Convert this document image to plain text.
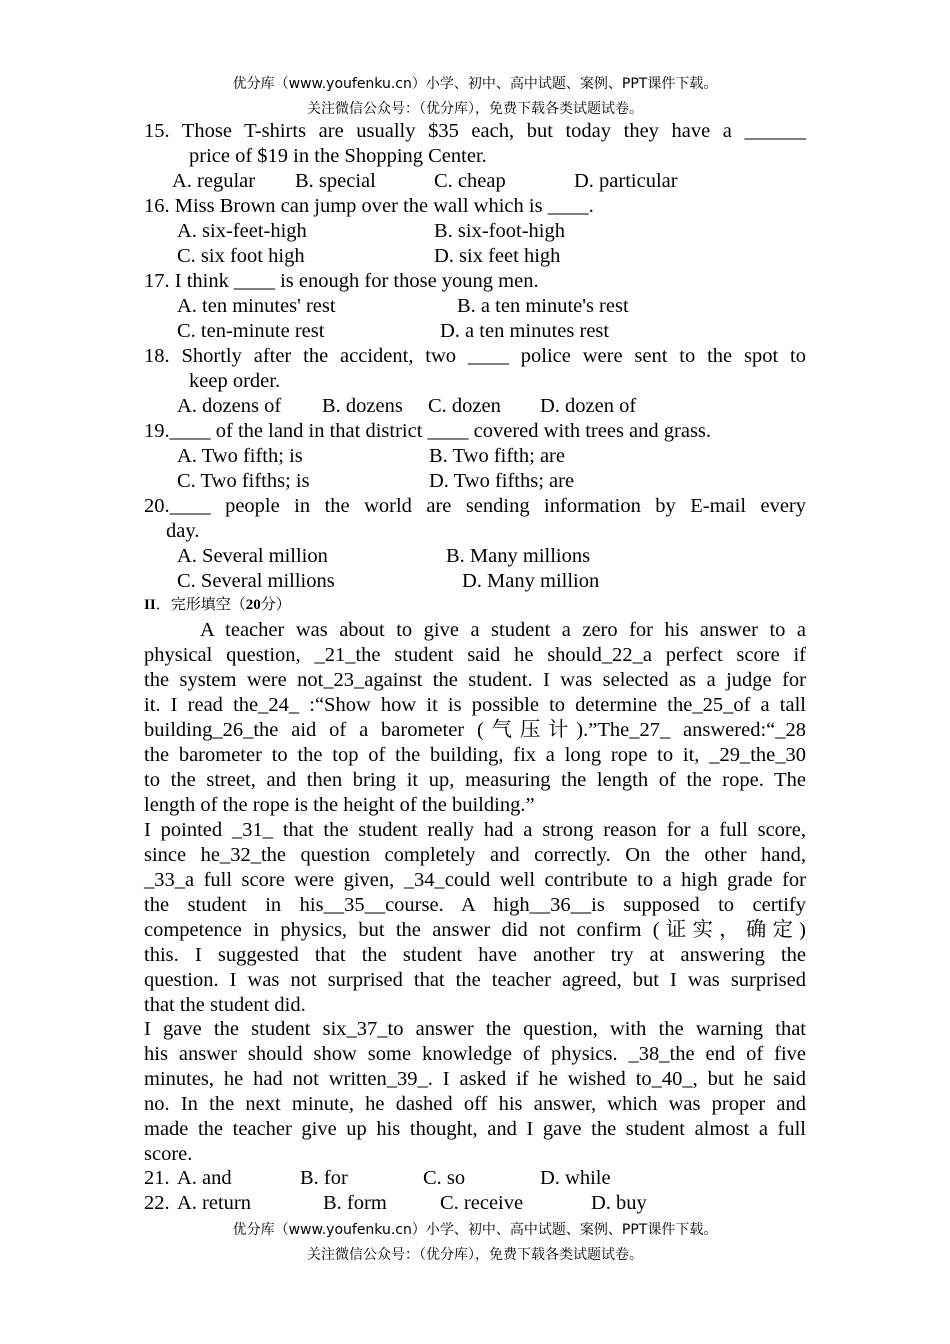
优分库（www.youfenku.cn）小学、初中、高中试题、案例、PPT课件下载。
关注微信公众号：（优分库），免费下载各类试题试卷。
15. Those T-shirts are usually $35 each, but today they have a ______
price of $19 in the Shopping Center.
A. regular B. special	C. cheap	D. particular
16. Miss Brown can jump over the wall which is ____.
A. six-feet-high	B. six-foot-high
C. six foot high	D. six feet high
17. I think ____ is enough for those young men.
A. ten minutes' rest	B. a ten minute's rest
C. ten-minute rest	D. a ten minutes rest
18. Shortly after the accident, two ____ police were sent to the spot to
keep order.
A. dozens of B. dozens C. dozen D. dozen of
19.____ of the land in that district ____ covered with trees and grass.
A. Two fifth; is	B. Two fifth; are
C. Two fifths; is	D. Two fifths; are
20.____ people in the world are sending information by E-mail every
day.
A. Several million	B. Many millions
C. Several millions	D. Many million
II．完形填空（20分）
A teacher was about to give a student a zero for his answer to a
physical question, _21_the student said he should_22_a perfect score if
the system were not_23_against the student. I was selected as a judge for
it. I read the_24_ :“Show how it is possible to determine the_25_of a tall
building_26_the aid of a barometer (气压计).”The_27_ answered:“_28
the barometer to the top of the building, fix a long rope to it, _29_the_30
to the street, and then bring it up, measuring the length of the rope. The
length of the rope is the height of the building.”
I pointed _31_ that the student really had a strong reason for a full score,
since he_32_the question completely and correctly. On the other hand,
_33_a full score were given, _34_could well contribute to a high grade for
the student in his__35__course. A high__36__is supposed to certify
competence in physics, but the answer did not confirm (证实，确定)
this. I suggested that the student have another try at answering the
question. I was not surprised that the teacher agreed, but I was surprised
that the student did.
I gave the student six_37_to answer the question, with the warning that
his answer should show some knowledge of physics. _38_the end of five
minutes, he had not written_39_. I asked if he wished to_40_, but he said
no. In the next minute, he dashed off his answer, which was proper and
made the teacher give up his thought, and I gave the student almost a full
score.
21. A. and	B. for	C. so	D. while
22. A. return	B. form	C. receive	D. buy
优分库（www.youfenku.cn）小学、初中、高中试题、案例、PPT课件下载。
关注微信公众号：（优分库），免费下载各类试题试卷。
